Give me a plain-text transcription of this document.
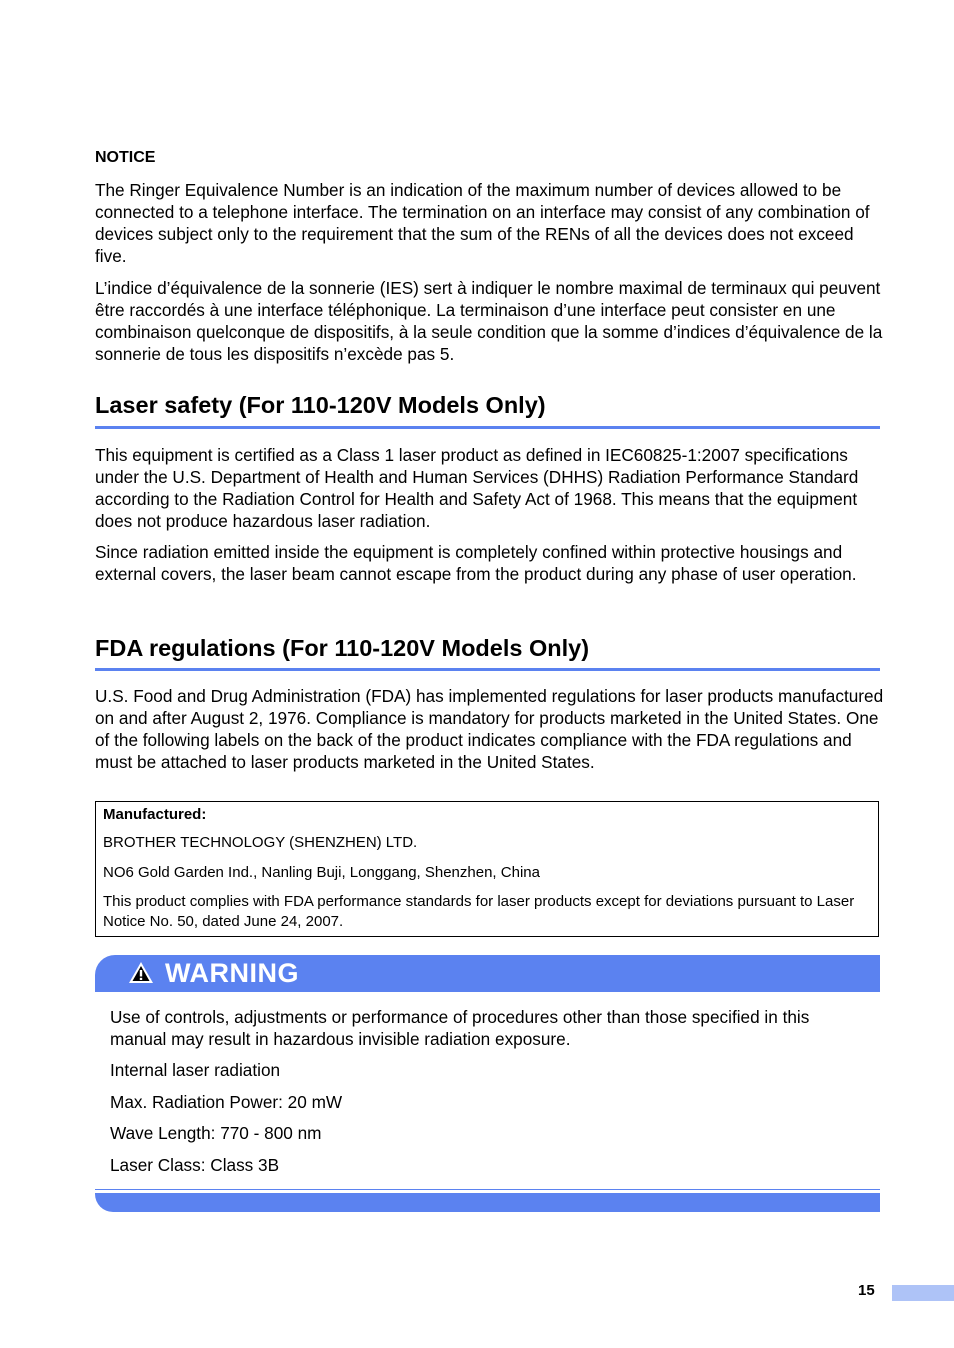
NOTICE

The Ringer Equivalence Number is an indication of the maximum number of devices allowed to be connected to a telephone interface. The termination on an interface may consist of any combination of devices subject only to the requirement that the sum of the RENs of all the devices does not exceed five.

L’indice d’équivalence de la sonnerie (IES) sert à indiquer le nombre maximal de terminaux qui peuvent être raccordés à une interface téléphonique. La terminaison d’une interface peut consister en une combinaison quelconque de dispositifs, à la seule condition que la somme d’indices d’équivalence de la sonnerie de tous les dispositifs n’excède pas 5.

Laser safety (For 110-120V Models Only)

This equipment is certified as a Class 1 laser product as defined in IEC60825-1:2007 specifications under the U.S. Department of Health and Human Services (DHHS) Radiation Performance Standard according to the Radiation Control for Health and Safety Act of 1968. This means that the equipment does not produce hazardous laser radiation.

Since radiation emitted inside the equipment is completely confined within protective housings and external covers, the laser beam cannot escape from the product during any phase of user operation.

FDA regulations (For 110-120V Models Only)

U.S. Food and Drug Administration (FDA) has implemented regulations for laser products manufactured on and after August 2, 1976. Compliance is mandatory for products marketed in the United States. One of the following labels on the back of the product indicates compliance with the FDA regulations and must be attached to laser products marketed in the United States.

Manufactured:

BROTHER TECHNOLOGY (SHENZHEN) LTD.

NO6 Gold Garden Ind., Nanling Buji, Longgang, Shenzhen, China

This product complies with FDA performance standards for laser products except for deviations pursuant to Laser Notice No. 50, dated June 24, 2007.

WARNING

Use of controls, adjustments or performance of procedures other than those specified in this manual may result in hazardous invisible radiation exposure.

Internal laser radiation

Max. Radiation Power: 20 mW

Wave Length: 770 - 800 nm

Laser Class: Class 3B

15
